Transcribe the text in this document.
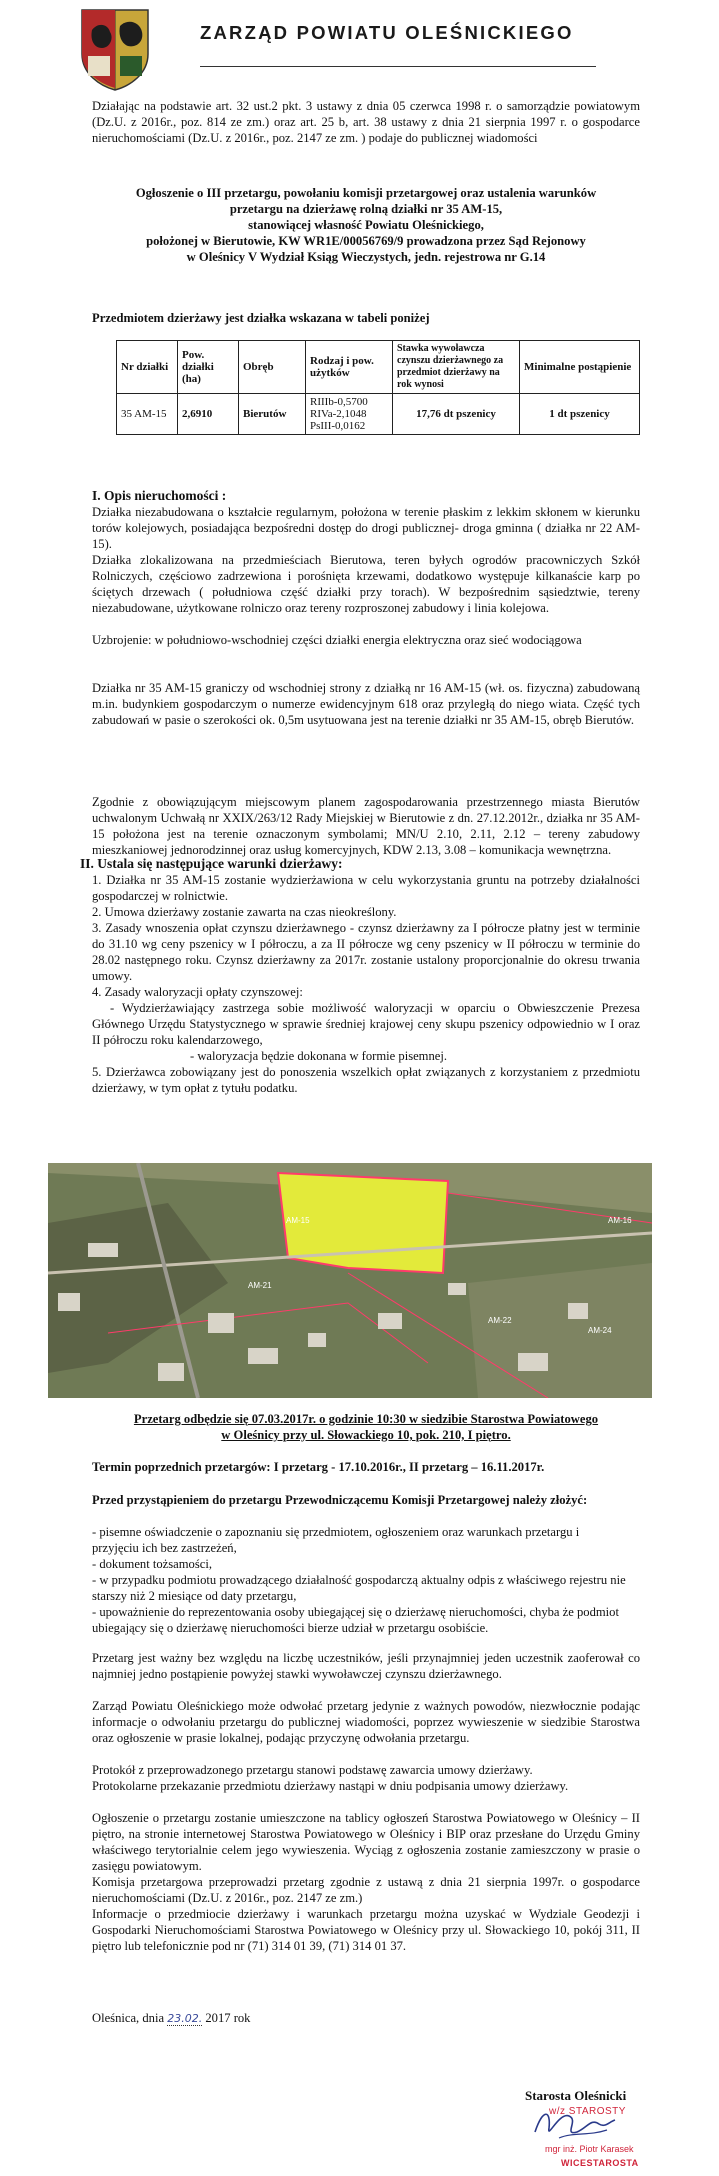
ZARZĄD POWIATU OLEŚNICKIEGO
Działając na podstawie art. 32 ust.2 pkt. 3 ustawy z dnia 05 czerwca 1998 r. o samorządzie powiatowym (Dz.U. z 2016r., poz. 814 ze zm.) oraz art. 25 b, art. 38 ustawy z dnia 21 sierpnia 1997 r. o gospodarce nieruchomościami (Dz.U. z 2016r., poz. 2147 ze zm. ) podaje do publicznej wiadomości
Ogłoszenie o III przetargu, powołaniu komisji przetargowej oraz ustalenia warunków
przetargu na dzierżawę rolną działki nr 35 AM-15,
stanowiącej własność Powiatu Oleśnickiego,
położonej w Bierutowie, KW WR1E/00056769/9 prowadzona przez Sąd Rejonowy
w Oleśnicy V Wydział Ksiąg Wieczystych, jedn. rejestrowa nr G.14
Przedmiotem dzierżawy jest działka wskazana w tabeli poniżej
Nr działki	Pow. działki (ha)	Obręb	Rodzaj i pow. użytków	Stawka wywoławcza czynszu dzierżawnego za przedmiot dzierżawy na rok wynosi	Minimalne postąpienie
35 AM-15	2,6910	Bierutów	RIIIb-0,5700
RIVa-2,1048
PsIII-0,0162	17,76 dt pszenicy	1 dt pszenicy
I. Opis nieruchomości :
Działka niezabudowana o kształcie regularnym, położona w terenie płaskim z lekkim skłonem w kierunku torów kolejowych, posiadająca bezpośredni dostęp do drogi publicznej- droga gminna ( działka nr 22 AM-15).
Działka zlokalizowana na przedmieściach Bierutowa, teren byłych ogrodów pracowniczych Szkół Rolniczych, częściowo zadrzewiona i porośnięta krzewami, dodatkowo występuje kilkanaście karp po ściętych drzewach ( południowa część działki przy torach). W bezpośrednim sąsiedztwie, tereny niezabudowane, użytkowane rolniczo oraz tereny rozproszonej zabudowy i linia kolejowa.
Uzbrojenie: w południowo-wschodniej części działki energia elektryczna oraz sieć wodociągowa
Działka nr 35 AM-15 graniczy od wschodniej strony z działką nr 16 AM-15 (wł. os. fizyczna) zabudowaną m.in. budynkiem gospodarczym o numerze ewidencyjnym 618 oraz przyległą do niego wiata. Część tych zabudowań w pasie o szerokości ok. 0,5m usytuowana jest na terenie działki nr 35 AM-15, obręb Bierutów.
Zgodnie z obowiązującym miejscowym planem zagospodarowania przestrzennego miasta Bierutów uchwalonym Uchwałą nr XXIX/263/12 Rady Miejskiej w Bierutowie z dn. 27.12.2012r., działka nr 35 AM-15 położona jest na terenie oznaczonym symbolami; MN/U 2.10, 2.11, 2.12 – tereny zabudowy mieszkaniowej jednorodzinnej oraz usług komercyjnych, KDW 2.13, 3.08 – komunikacja wewnętrzna.
II. Ustala się następujące warunki dzierżawy:
1. Działka nr 35 AM-15 zostanie wydzierżawiona w celu wykorzystania gruntu na potrzeby działalności gospodarczej w rolnictwie.
2. Umowa dzierżawy zostanie zawarta na czas nieokreślony.
3. Zasady wnoszenia opłat czynszu dzierżawnego - czynsz dzierżawny za I półrocze płatny jest w terminie do 31.10 wg ceny pszenicy w I półroczu, a za II półrocze wg ceny pszenicy w II półroczu w terminie do 28.02 następnego roku. Czynsz dzierżawny za 2017r. zostanie ustalony proporcjonalnie do okresu trwania umowy.
4. Zasady waloryzacji opłaty czynszowej:
- Wydzierżawiający zastrzega sobie możliwość waloryzacji w oparciu o Obwieszczenie Prezesa Głównego Urzędu Statystycznego w sprawie średniej krajowej ceny skupu pszenicy odpowiednio w I oraz II półroczu roku kalendarzowego,
- waloryzacja będzie dokonana w formie pisemnej.
5. Dzierżawca zobowiązany jest do ponoszenia wszelkich opłat związanych z korzystaniem z przedmiotu dzierżawy, w tym opłat z tytułu podatku.
AM-15	AM-16
AM-24
AM-21
AM-22
Przetarg odbędzie się 07.03.2017r. o godzinie 10:30 w siedzibie Starostwa Powiatowego
w Oleśnicy przy ul. Słowackiego 10, pok. 210, I piętro.
Termin poprzednich przetargów: I przetarg - 17.10.2016r., II przetarg – 16.11.2017r.
Przed przystąpieniem do przetargu Przewodniczącemu Komisji Przetargowej należy złożyć:
- pisemne oświadczenie o zapoznaniu się przedmiotem, ogłoszeniem oraz warunkach przetargu i przyjęciu ich bez zastrzeżeń,
- dokument tożsamości,
- w przypadku podmiotu prowadzącego działalność gospodarczą aktualny odpis z właściwego rejestru nie starszy niż 2 miesiące od daty przetargu,
- upoważnienie do reprezentowania osoby ubiegającej się o dzierżawę nieruchomości, chyba że podmiot ubiegający się o dzierżawę nieruchomości bierze udział w przetargu osobiście.
Przetarg jest ważny bez względu na liczbę uczestników, jeśli przynajmniej jeden uczestnik zaoferował co najmniej jedno postąpienie powyżej stawki wywoławczej czynszu dzierżawnego.
Zarząd Powiatu Oleśnickiego może odwołać przetarg jedynie z ważnych powodów, niezwłocznie podając informacje o odwołaniu przetargu do publicznej wiadomości, poprzez wywieszenie w siedzibie Starostwa oraz ogłoszenie w prasie lokalnej, podając przyczynę odwołania przetargu.
Protokół z przeprowadzonego przetargu stanowi podstawę zawarcia umowy dzierżawy.
Protokolarne przekazanie przedmiotu dzierżawy nastąpi w dniu podpisania umowy dzierżawy.
Ogłoszenie o przetargu zostanie umieszczone na tablicy ogłoszeń Starostwa Powiatowego w Oleśnicy – II piętro, na stronie internetowej Starostwa Powiatowego w Oleśnicy i BIP oraz przesłane do Urzędu Gminy właściwego terytorialnie celem jego wywieszenia. Wyciąg z ogłoszenia zostanie zamieszczony w prasie o zasięgu powiatowym.
Komisja przetargowa przeprowadzi przetarg zgodnie z ustawą z dnia 21 sierpnia 1997r. o gospodarce nieruchomościami (Dz.U. z 2016r., poz. 2147 ze zm.)
Informacje o przedmiocie dzierżawy i warunkach przetargu można uzyskać w Wydziale Geodezji i Gospodarki Nieruchomościami Starostwa Powiatowego w Oleśnicy przy ul. Słowackiego 10, pokój 311, II piętro lub telefonicznie pod nr (71) 314 01 39, (71) 314 01 37.
Oleśnica, dnia 23.02. 2017 rok
Starosta Oleśnicki
w/z STAROSTY
mgr inż. Piotr Karasek
WICESTAROSTA
